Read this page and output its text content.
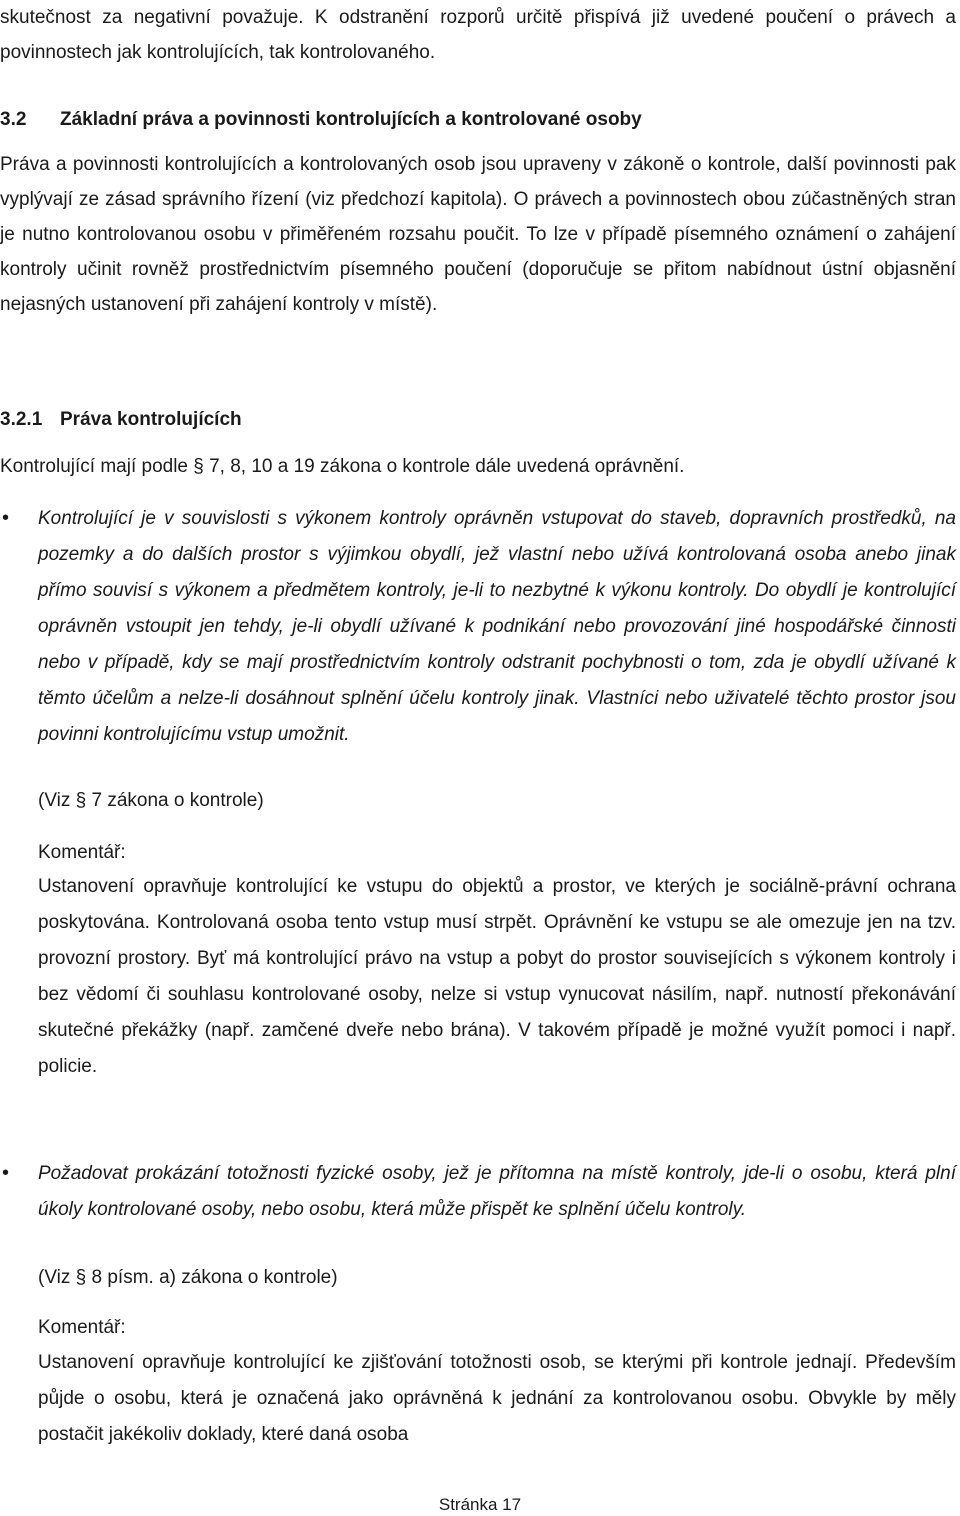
skutečnost za negativní považuje. K odstranění rozporů určitě přispívá již uvedené poučení o právech a povinnostech jak kontrolujících, tak kontrolovaného.

3.2 Základní práva a povinnosti kontrolujících a kontrolované osoby

Práva a povinnosti kontrolujících a kontrolovaných osob jsou upraveny v zákoně o kontrole, další povinnosti pak vyplývají ze zásad správního řízení (viz předchozí kapitola). O právech a povinnostech obou zúčastněných stran je nutno kontrolovanou osobu v přiměřeném rozsahu poučit. To lze v případě písemného oznámení o zahájení kontroly učinit rovněž prostřednictvím písemného poučení (doporučuje se přitom nabídnout ústní objasnění nejasných ustanovení při zahájení kontroly v místě).

3.2.1 Práva kontrolujících

Kontrolující mají podle § 7, 8, 10 a 19 zákona o kontrole dále uvedená oprávnění.

• Kontrolující je v souvislosti s výkonem kontroly oprávněn vstupovat do staveb, dopravních prostředků, na pozemky a do dalších prostor s výjimkou obydlí, jež vlastní nebo užívá kontrolovaná osoba anebo jinak přímo souvisí s výkonem a předmětem kontroly, je-li to nezbytné k výkonu kontroly. Do obydlí je kontrolující oprávněn vstoupit jen tehdy, je-li obydlí užívané k podnikání nebo provozování jiné hospodářské činnosti nebo v případě, kdy se mají prostřednictvím kontroly odstranit pochybnosti o tom, zda je obydlí užívané k těmto účelům a nelze-li dosáhnout splnění účelu kontroly jinak. Vlastníci nebo uživatelé těchto prostor jsou povinni kontrolujícímu vstup umožnit.

(Viz § 7 zákona o kontrole)

Komentář:

Ustanovení opravňuje kontrolující ke vstupu do objektů a prostor, ve kterých je sociálně-právní ochrana poskytována. Kontrolovaná osoba tento vstup musí strpět. Oprávnění ke vstupu se ale omezuje jen na tzv. provozní prostory. Byť má kontrolující právo na vstup a pobyt do prostor souvisejících s výkonem kontroly i bez vědomí či souhlasu kontrolované osoby, nelze si vstup vynucovat násilím, např. nutností překonávání skutečné překážky (např. zamčené dveře nebo brána). V takovém případě je možné využít pomoci i např. policie.

• Požadovat prokázání totožnosti fyzické osoby, jež je přítomna na místě kontroly, jde-li o osobu, která plní úkoly kontrolované osoby, nebo osobu, která může přispět ke splnění účelu kontroly.

(Viz § 8 písm. a) zákona o kontrole)

Komentář:

Ustanovení opravňuje kontrolující ke zjišťování totožnosti osob, se kterými při kontrole jednají. Především půjde o osobu, která je označená jako oprávněná k jednání za kontrolovanou osobu. Obvykle by měly postačit jakékoliv doklady, které daná osoba

Stránka 17
